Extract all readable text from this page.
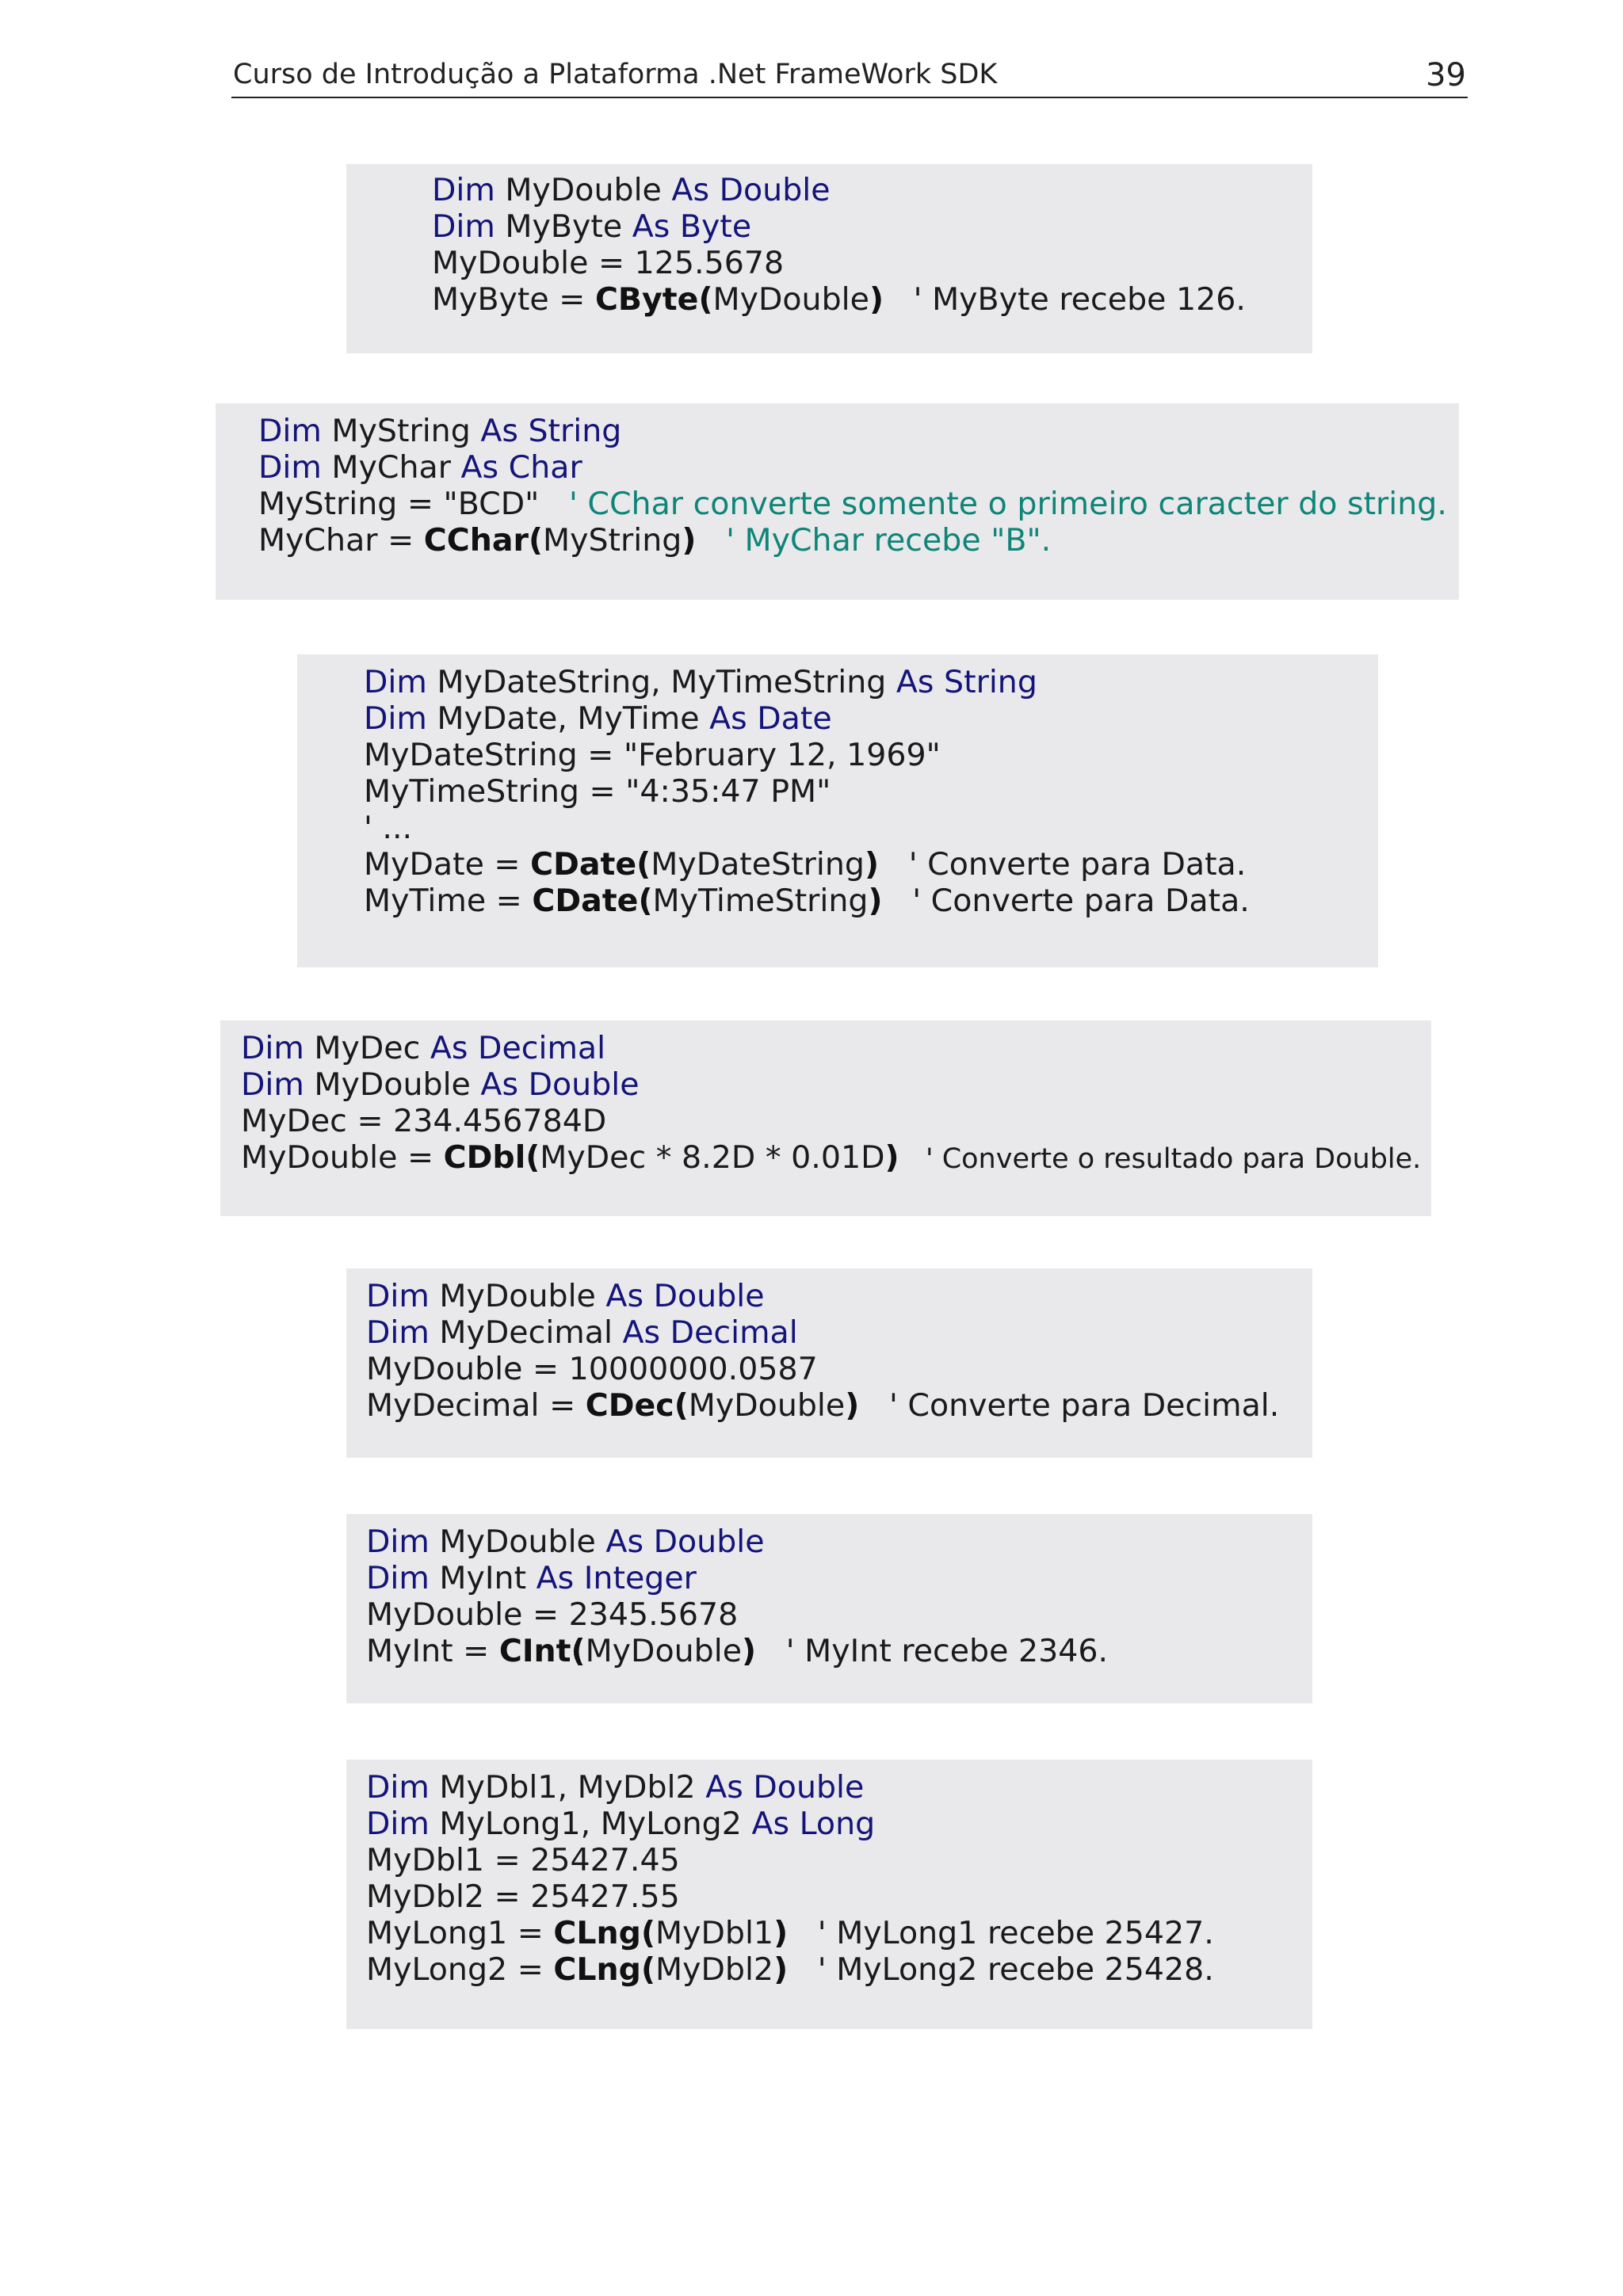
Curso de Introdução a Plataforma .Net FrameWork SDK	39
Dim MyDouble As Double
Dim MyByte As Byte
MyDouble = 125.5678
MyByte = CByte(MyDouble)   ' MyByte recebe 126.
Dim MyString As String
Dim MyChar As Char
MyString = "BCD"   ' CChar converte somente o primeiro caracter do string.
MyChar = CChar(MyString)   ' MyChar recebe "B".
Dim MyDateString, MyTimeString As String
Dim MyDate, MyTime As Date
MyDateString = "February 12, 1969"
MyTimeString = "4:35:47 PM"
' ...
MyDate = CDate(MyDateString)   ' Converte para Data.
MyTime = CDate(MyTimeString)   ' Converte para Data.
Dim MyDec As Decimal
Dim MyDouble As Double
MyDec = 234.456784D
MyDouble = CDbl(MyDec * 8.2D * 0.01D)   ' Converte o resultado para Double.
Dim MyDouble As Double
Dim MyDecimal As Decimal
MyDouble = 10000000.0587
MyDecimal = CDec(MyDouble)   ' Converte para Decimal.
Dim MyDouble As Double
Dim MyInt As Integer
MyDouble = 2345.5678
MyInt = CInt(MyDouble)   ' MyInt recebe 2346.
Dim MyDbl1, MyDbl2 As Double
Dim MyLong1, MyLong2 As Long
MyDbl1 = 25427.45
MyDbl2 = 25427.55
MyLong1 = CLng(MyDbl1)   ' MyLong1 recebe 25427.
MyLong2 = CLng(MyDbl2)   ' MyLong2 recebe 25428.
